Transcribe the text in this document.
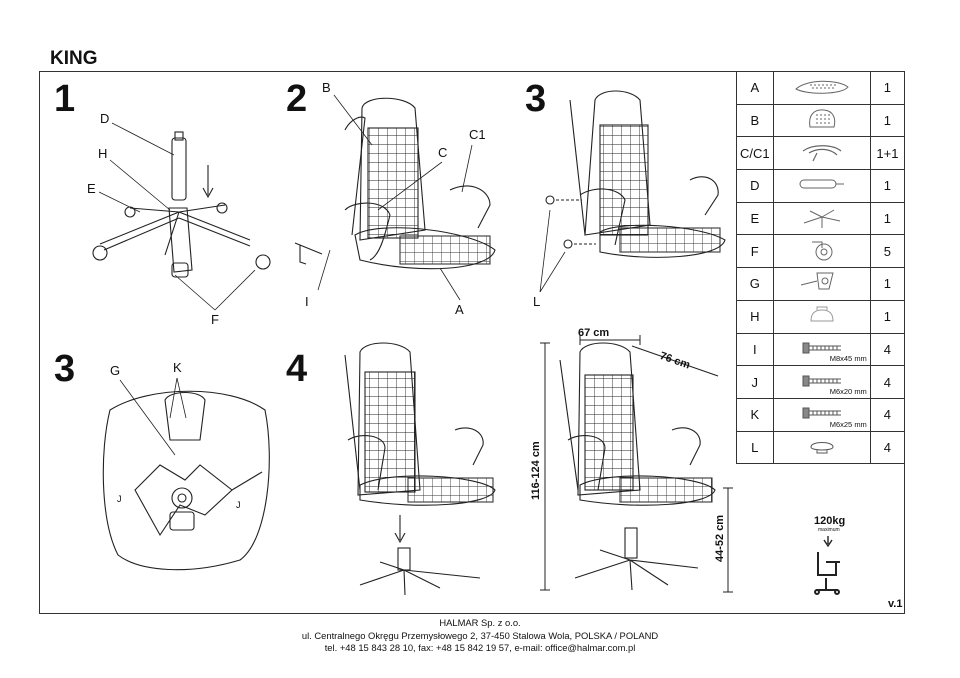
KING
1	2	3
3	4
D
H
E
F
B
C1
C
I
A
L
G	K
J
J
67 cm
76 cm
116-124 cm
44-52 cm	120kg
maximum
A		1
B		1
C/C1		1+1
D		1
E		1
F		5
G		1
H		1
I	M8x45 mm	4
J	M6x20 mm	4
K	M6x25 mm	4
L		4
v.1
HALMAR Sp. z o.o.
ul. Centralnego Okręgu Przemysłowego 2, 37-450 Stalowa Wola, POLSKA / POLAND
tel. +48 15 843 28 10, fax: +48 15 842 19 57, e-mail: office@halmar.com.pl
